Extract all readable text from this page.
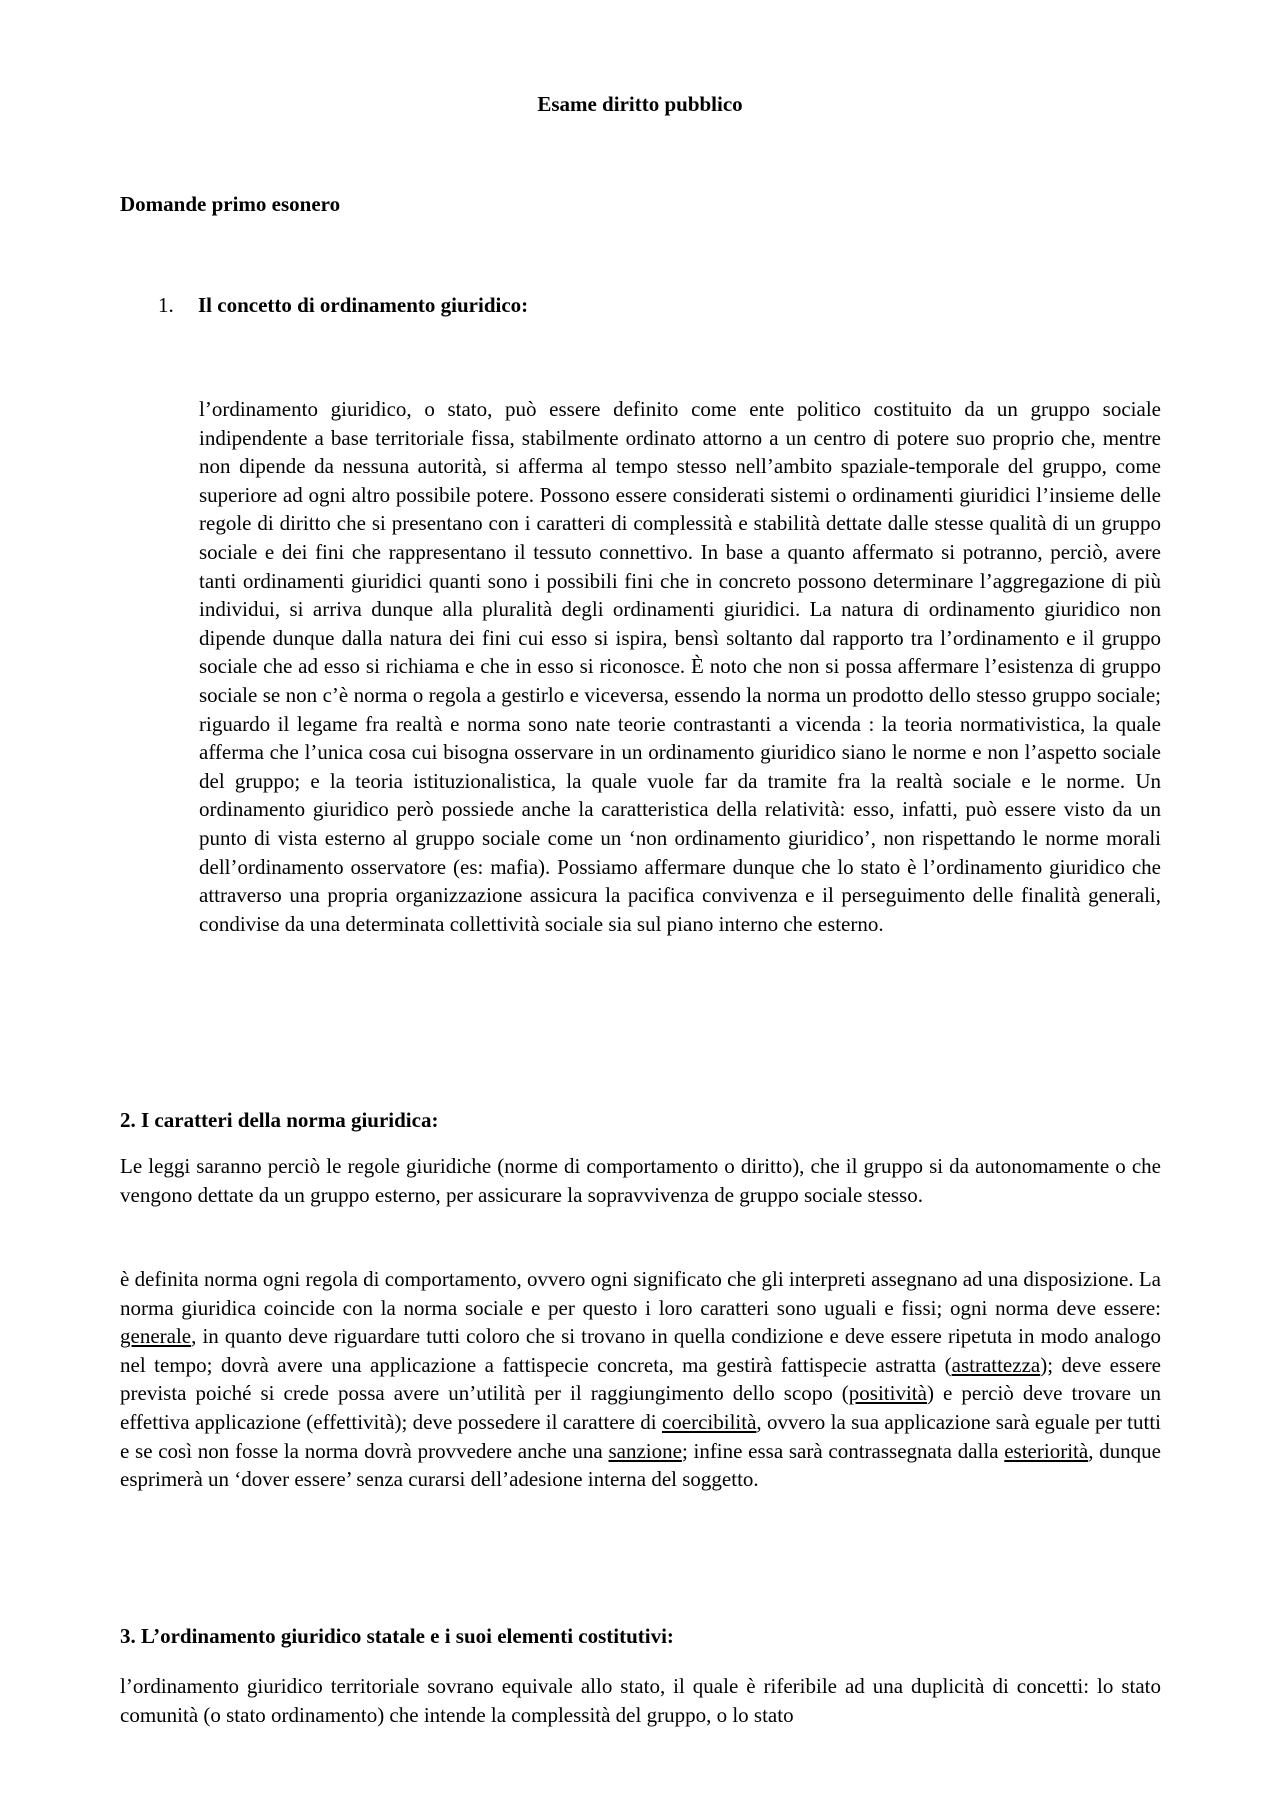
Esame diritto pubblico
Domande primo esonero
1. Il concetto di ordinamento giuridico:

l’ordinamento giuridico, o stato, può essere definito come ente politico costituito da un gruppo sociale indipendente a base territoriale fissa, stabilmente ordinato attorno a un centro di potere suo proprio che, mentre non dipende da nessuna autorità, si afferma al tempo stesso nell’ambito spaziale-temporale del gruppo, come superiore ad ogni altro possibile potere. Possono essere considerati sistemi o ordinamenti giuridici l’insieme delle regole di diritto che si presentano con i caratteri di complessità e stabilità dettate dalle stesse qualità di un gruppo sociale e dei fini che rappresentano il tessuto connettivo. In base a quanto affermato si potranno, perciò, avere tanti ordinamenti giuridici quanti sono i possibili fini che in concreto possono determinare l’aggregazione di più individui, si arriva dunque alla pluralità degli ordinamenti giuridici. La natura di ordinamento giuridico non dipende dunque dalla natura dei fini cui esso si ispira, bensì soltanto dal rapporto tra l’ordinamento e il gruppo sociale che ad esso si richiama e che in esso si riconosce. È noto che non si possa affermare l’esistenza di gruppo sociale se non c’è norma o regola a gestirlo e viceversa, essendo la norma un prodotto dello stesso gruppo sociale; riguardo il legame fra realtà e norma sono nate teorie contrastanti a vicenda : la teoria normativistica, la quale afferma che l’unica cosa cui bisogna osservare in un ordinamento giuridico siano le norme e non l’aspetto sociale del gruppo; e la teoria istituzionalistica, la quale vuole far da tramite fra la realtà sociale e le norme. Un ordinamento giuridico però possiede anche la caratteristica della relatività: esso, infatti, può essere visto da un punto di vista esterno al gruppo sociale come un ‘non ordinamento giuridico’, non rispettando le norme morali dell’ordinamento osservatore (es: mafia). Possiamo affermare dunque che lo stato è l’ordinamento giuridico che attraverso una propria organizzazione assicura la pacifica convivenza e il perseguimento delle finalità generali, condivise da una determinata collettività sociale sia sul piano interno che esterno.

2. I caratteri della norma giuridica:

Le leggi saranno perciò le regole giuridiche (norme di comportamento o diritto), che il gruppo si da autonomamente o che vengono dettate da un gruppo esterno, per assicurare la sopravvivenza de gruppo sociale stesso.

è definita norma ogni regola di comportamento, ovvero ogni significato che gli interpreti assegnano ad una disposizione. La norma giuridica coincide con la norma sociale e per questo i loro caratteri sono uguali e fissi; ogni norma deve essere: generale, in quanto deve riguardare tutti coloro che si trovano in quella condizione e deve essere ripetuta in modo analogo nel tempo; dovrà avere una applicazione a fattispecie concreta, ma gestirà fattispecie astratta (astrattezza); deve essere prevista poiché si crede possa avere un’utilità per il raggiungimento dello scopo (positività) e perciò deve trovare un effettiva applicazione (effettività); deve possedere il carattere di coercibilità, ovvero la sua applicazione sarà eguale per tutti e se così non fosse la norma dovrà provvedere anche una sanzione; infine essa sarà contrassegnata dalla esteriorità, dunque esprimerà un ‘dover essere’ senza curarsi dell’adesione interna del soggetto.

3. L’ordinamento giuridico statale e i suoi elementi costitutivi:

l’ordinamento giuridico territoriale sovrano equivale allo stato, il quale è riferibile ad una duplicità di concetti: lo stato comunità (o stato ordinamento) che intende la complessità del gruppo, o lo stato
